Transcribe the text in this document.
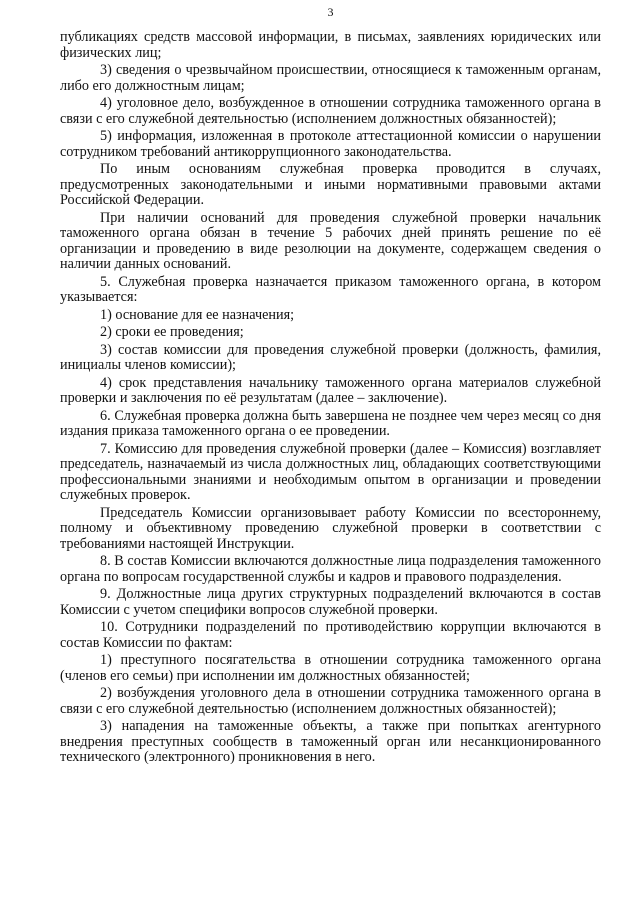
3

публикациях средств массовой информации, в письмах, заявлениях юридических или физических лиц;

3) сведения о чрезвычайном происшествии, относящиеся к таможенным органам, либо его должностным лицам;

4) уголовное дело, возбужденное в отношении сотрудника таможенного органа в связи с его служебной деятельностью (исполнением должностных обязанностей);

5) информация, изложенная в протоколе аттестационной комиссии о нарушении сотрудником требований антикоррупционного законодательства.

По иным основаниям служебная проверка проводится в случаях, предусмотренных законодательными и иными нормативными правовыми актами Российской Федерации.

При наличии оснований для проведения служебной проверки начальник таможенного органа обязан в течение 5 рабочих дней принять решение по её организации и проведению в виде резолюции на документе, содержащем сведения о наличии данных оснований.

5. Служебная проверка назначается приказом таможенного органа, в котором указывается:

1) основание для ее назначения;

2) сроки ее проведения;

3) состав комиссии для проведения служебной проверки (должность, фамилия, инициалы членов комиссии);

4) срок представления начальнику таможенного органа материалов служебной проверки и заключения по её результатам (далее – заключение).

6. Служебная проверка должна быть завершена не позднее чем через месяц со дня издания приказа таможенного органа о ее проведении.

7. Комиссию для проведения служебной проверки (далее – Комиссия) возглавляет председатель, назначаемый из числа должностных лиц, обладающих соответствующими профессиональными знаниями и необходимым опытом в организации и проведении служебных проверок.

Председатель Комиссии организовывает работу Комиссии по всестороннему, полному и объективному проведению служебной проверки в соответствии с требованиями настоящей Инструкции.

8. В состав Комиссии включаются должностные лица подразделения таможенного органа по вопросам государственной службы и кадров и правового подразделения.

9. Должностные лица других структурных подразделений включаются в состав Комиссии с учетом специфики вопросов служебной проверки.

10. Сотрудники подразделений по противодействию коррупции включаются в состав Комиссии по фактам:

1) преступного посягательства в отношении сотрудника таможенного органа (членов его семьи) при исполнении им должностных обязанностей;

2) возбуждения уголовного дела в отношении сотрудника таможенного органа в связи с его служебной деятельностью (исполнением должностных обязанностей);

3) нападения на таможенные объекты, а также при попытках агентурного внедрения преступных сообществ в таможенный орган или несанкционированного технического (электронного) проникновения в него.
